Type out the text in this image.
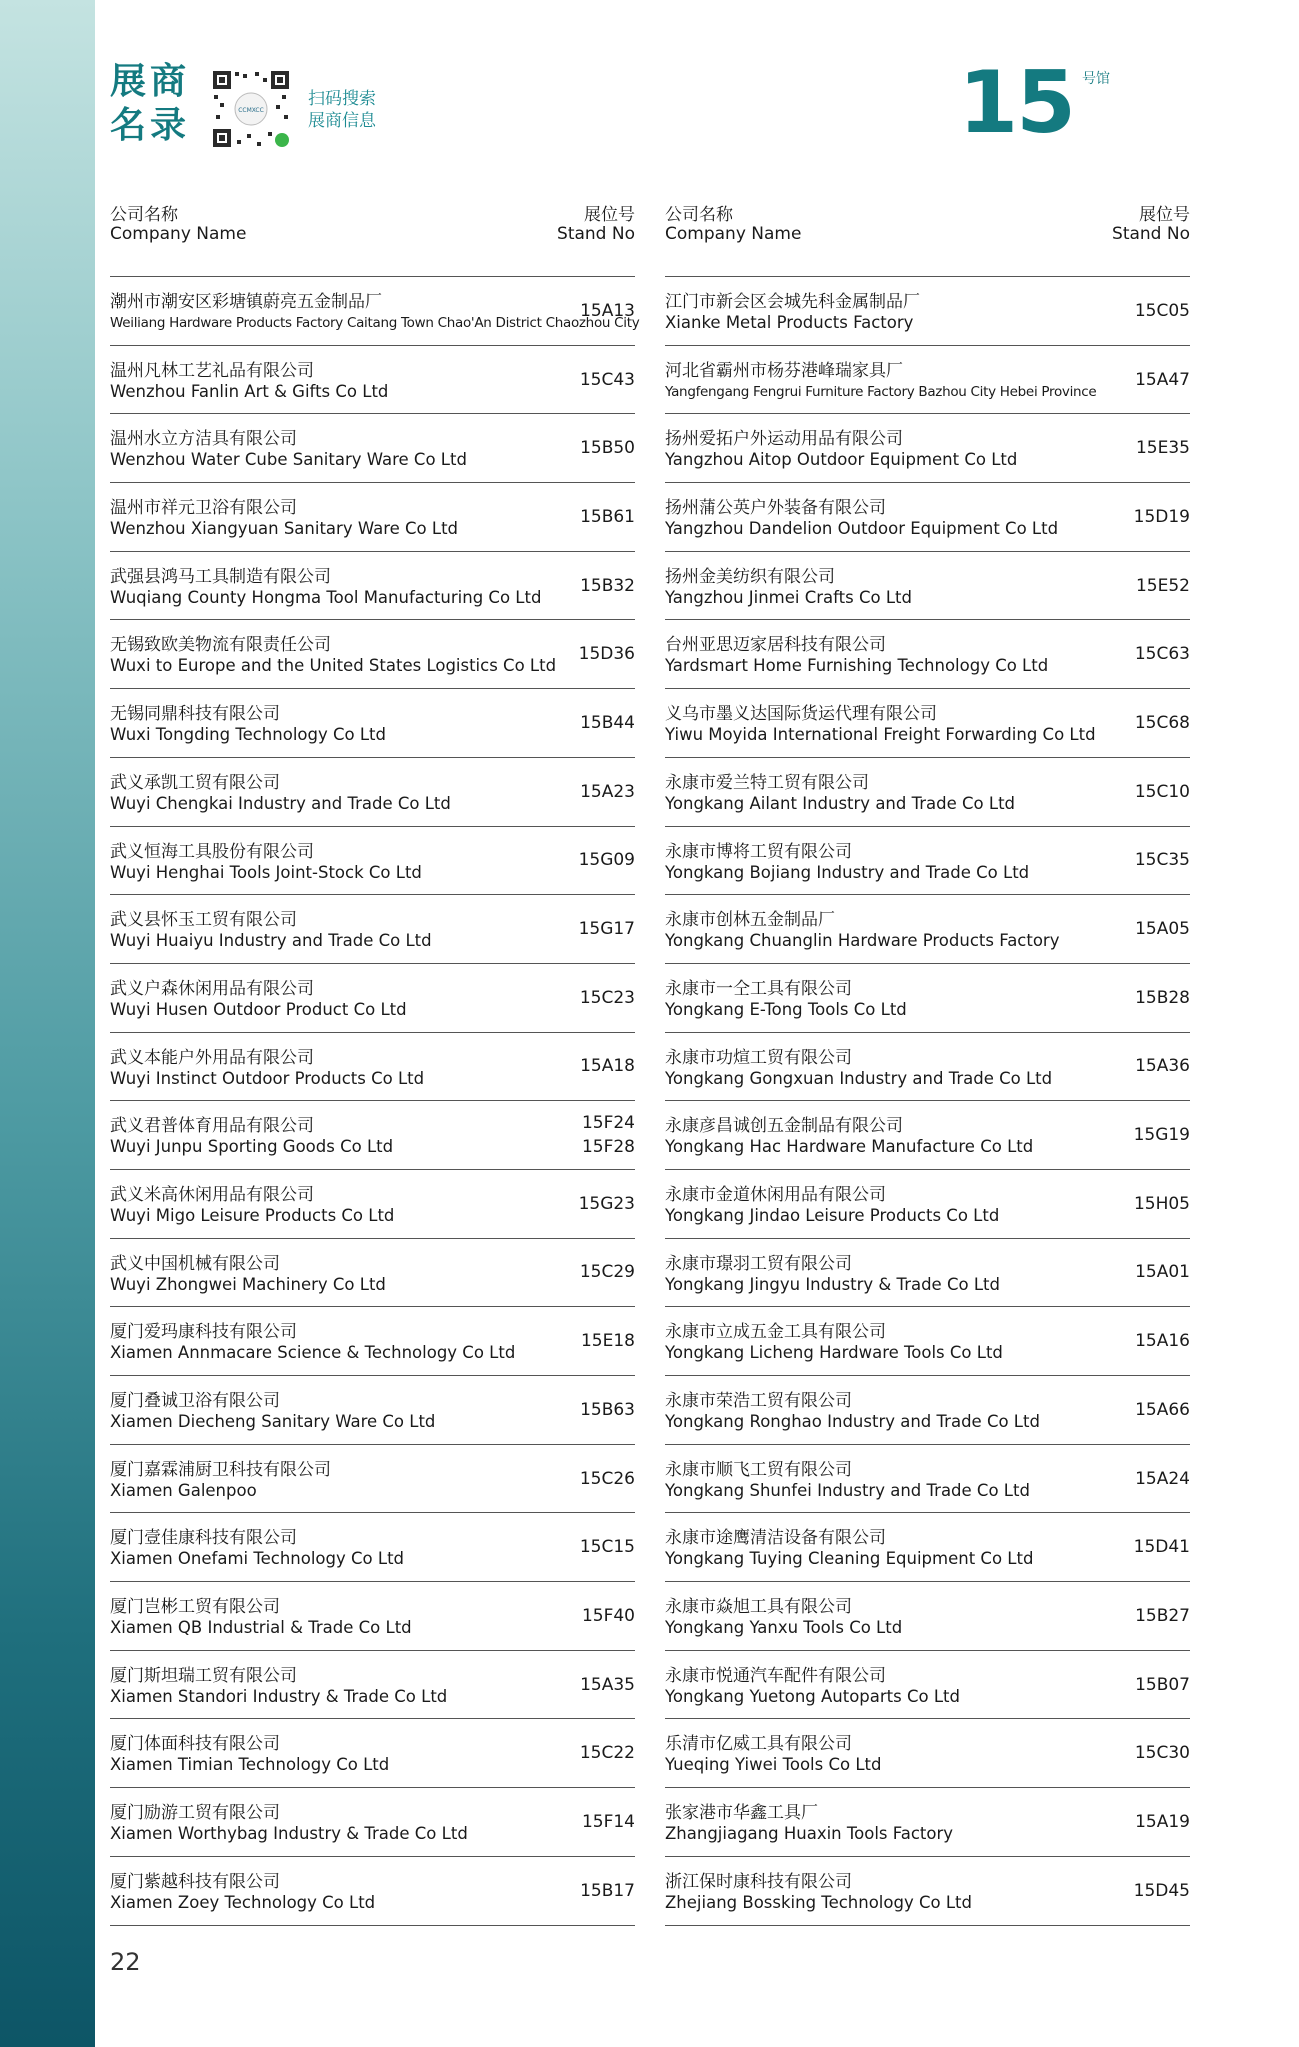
展商
名录	CCMXCC
扫码搜索
展商信息	15 号馆
公司名称
Company Name
展位号
Stand No
潮州市潮安区彩塘镇蔚亮五金制品厂
Weiliang Hardware Products Factory Caitang Town Chao'An District Chaozhou City
15A13
温州凡林工艺礼品有限公司
Wenzhou Fanlin Art & Gifts Co Ltd
15C43
温州水立方洁具有限公司
Wenzhou Water Cube Sanitary Ware Co Ltd
15B50
温州市祥元卫浴有限公司
Wenzhou Xiangyuan Sanitary Ware Co Ltd
15B61
武强县鸿马工具制造有限公司
Wuqiang County Hongma Tool Manufacturing Co Ltd
15B32
无锡致欧美物流有限责任公司
Wuxi to Europe and the United States Logistics Co Ltd
15D36
无锡同鼎科技有限公司
Wuxi Tongding Technology Co Ltd
15B44
武义承凯工贸有限公司
Wuyi Chengkai Industry and Trade Co Ltd
15A23
武义恒海工具股份有限公司
Wuyi Henghai Tools Joint-Stock Co Ltd
15G09
武义县怀玉工贸有限公司
Wuyi Huaiyu Industry and Trade Co Ltd
15G17
武义户森休闲用品有限公司
Wuyi Husen Outdoor Product Co Ltd
15C23
武义本能户外用品有限公司
Wuyi Instinct Outdoor Products Co Ltd
15A18
武义君普体育用品有限公司
Wuyi Junpu Sporting Goods Co Ltd
15F24
15F28
武义米高休闲用品有限公司
Wuyi Migo Leisure Products Co Ltd
15G23
武义中国机械有限公司
Wuyi Zhongwei Machinery Co Ltd
15C29
厦门爱玛康科技有限公司
Xiamen Annmacare Science & Technology Co Ltd
15E18
厦门叠诚卫浴有限公司
Xiamen Diecheng Sanitary Ware Co Ltd
15B63
厦门嘉霖浦厨卫科技有限公司
Xiamen Galenpoo
15C26
厦门壹佳康科技有限公司
Xiamen Onefami Technology Co Ltd
15C15
厦门岂彬工贸有限公司
Xiamen QB Industrial & Trade Co Ltd
15F40
厦门斯坦瑞工贸有限公司
Xiamen Standori Industry & Trade Co Ltd
15A35
厦门体面科技有限公司
Xiamen Timian Technology Co Ltd
15C22
厦门励游工贸有限公司
Xiamen Worthybag Industry & Trade Co Ltd
15F14
厦门紫越科技有限公司
Xiamen Zoey Technology Co Ltd
15B17
公司名称
Company Name
展位号
Stand No
江门市新会区会城先科金属制品厂
Xianke Metal Products Factory
15C05
河北省霸州市杨芬港峰瑞家具厂
Yangfengang Fengrui Furniture Factory Bazhou City Hebei Province
15A47
扬州爱拓户外运动用品有限公司
Yangzhou Aitop Outdoor Equipment Co Ltd
15E35
扬州蒲公英户外装备有限公司
Yangzhou Dandelion Outdoor Equipment Co Ltd
15D19
扬州金美纺织有限公司
Yangzhou Jinmei Crafts Co Ltd
15E52
台州亚思迈家居科技有限公司
Yardsmart Home Furnishing Technology Co Ltd
15C63
义乌市墨义达国际货运代理有限公司
Yiwu Moyida International Freight Forwarding Co Ltd
15C68
永康市爱兰特工贸有限公司
Yongkang Ailant Industry and Trade Co Ltd
15C10
永康市博将工贸有限公司
Yongkang Bojiang Industry and Trade Co Ltd
15C35
永康市创林五金制品厂
Yongkang Chuanglin Hardware Products Factory
15A05
永康市一仝工具有限公司
Yongkang E-Tong Tools Co Ltd
15B28
永康市功煊工贸有限公司
Yongkang Gongxuan Industry and Trade Co Ltd
15A36
永康彦昌诚创五金制品有限公司
Yongkang Hac Hardware Manufacture Co Ltd
15G19
永康市金道休闲用品有限公司
Yongkang Jindao Leisure Products Co Ltd
15H05
永康市璟羽工贸有限公司
Yongkang Jingyu Industry & Trade Co Ltd
15A01
永康市立成五金工具有限公司
Yongkang Licheng Hardware Tools Co Ltd
15A16
永康市荣浩工贸有限公司
Yongkang Ronghao Industry and Trade Co Ltd
15A66
永康市顺飞工贸有限公司
Yongkang Shunfei Industry and Trade Co Ltd
15A24
永康市途鹰清洁设备有限公司
Yongkang Tuying Cleaning Equipment Co Ltd
15D41
永康市焱旭工具有限公司
Yongkang Yanxu Tools Co Ltd
15B27
永康市悦通汽车配件有限公司
Yongkang Yuetong Autoparts Co Ltd
15B07
乐清市亿威工具有限公司
Yueqing Yiwei Tools Co Ltd
15C30
张家港市华鑫工具厂
Zhangjiagang Huaxin Tools Factory
15A19
浙江保时康科技有限公司
Zhejiang Bossking Technology Co Ltd
15D45
22
